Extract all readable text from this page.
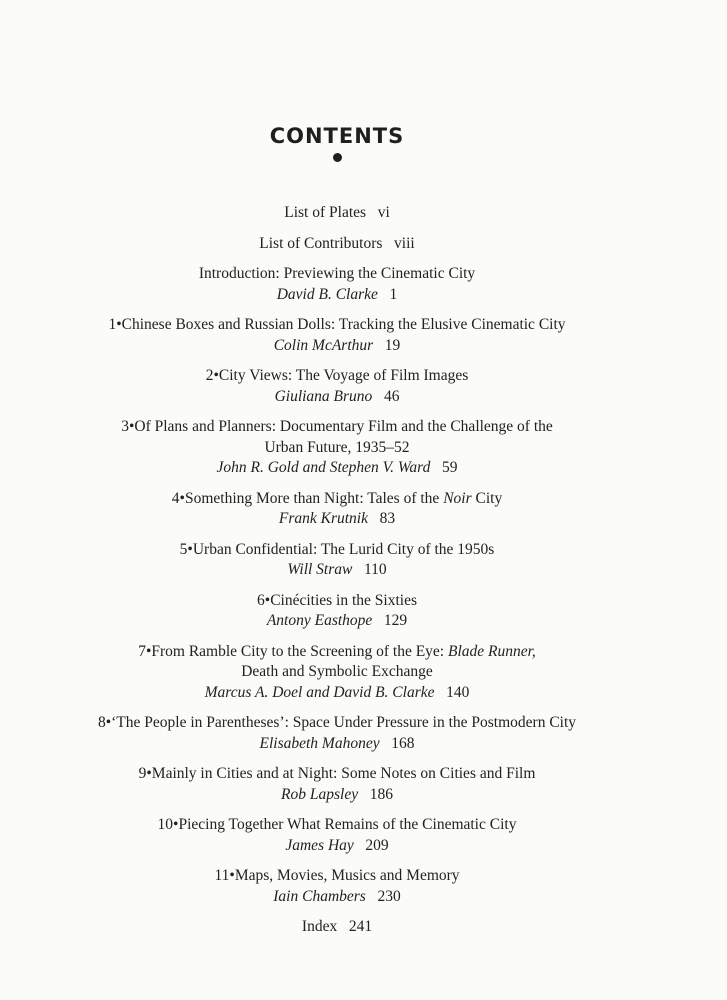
CONTENTS
List of Plates vi
List of Contributors viii
Introduction: Previewing the Cinematic City
David B. Clarke 1
1•Chinese Boxes and Russian Dolls: Tracking the Elusive Cinematic City
Colin McArthur 19
2•City Views: The Voyage of Film Images
Giuliana Bruno 46
3•Of Plans and Planners: Documentary Film and the Challenge of the
Urban Future, 1935–52
John R. Gold and Stephen V. Ward 59
4•Something More than Night: Tales of the Noir City
Frank Krutnik 83
5•Urban Confidential: The Lurid City of the 1950s
Will Straw 110
6•Cinécities in the Sixties
Antony Easthope 129
7•From Ramble City to the Screening of the Eye: Blade Runner,
Death and Symbolic Exchange
Marcus A. Doel and David B. Clarke 140
8•‘The People in Parentheses’: Space Under Pressure in the Postmodern City
Elisabeth Mahoney 168
9•Mainly in Cities and at Night: Some Notes on Cities and Film
Rob Lapsley 186
10•Piecing Together What Remains of the Cinematic City
James Hay 209
11•Maps, Movies, Musics and Memory
Iain Chambers 230
Index 241
